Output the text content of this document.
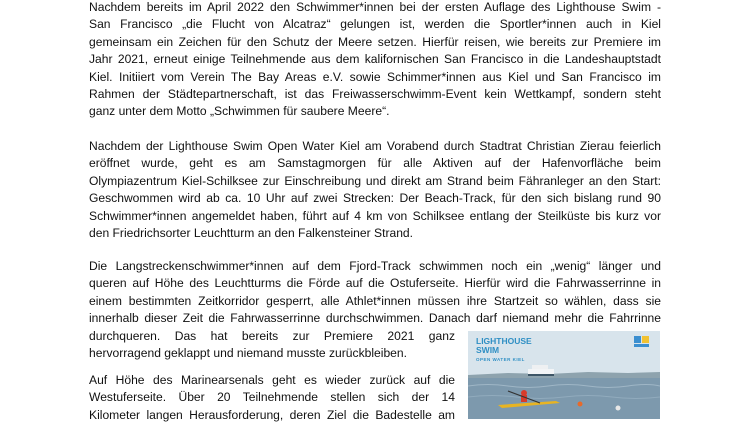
Nachdem bereits im April 2022 den Schwimmer*innen bei der ersten Auflage des Lighthouse Swim -
San Francisco „die Flucht von Alcatraz“ gelungen ist, werden die Sportler*innen auch in Kiel
gemeinsam ein Zeichen für den Schutz der Meere setzen. Hierfür reisen, wie bereits zur Premiere im
Jahr 2021, erneut einige Teilnehmende aus dem kalifornischen San Francisco in die Landeshauptstadt
Kiel. Initiiert vom Verein The Bay Areas e.V. sowie Schimmer*innen aus Kiel und San Francisco im
Rahmen der Städtepartnerschaft, ist das Freiwasserschwimm-Event kein Wettkampf, sondern steht
ganz unter dem Motto „Schwimmen für saubere Meere“.

Nachdem der Lighthouse Swim Open Water Kiel am Vorabend durch Stadtrat Christian Zierau feierlich
eröffnet wurde, geht es am Samstagmorgen für alle Aktiven auf der Hafenvorfläche beim
Olympiazentrum Kiel-Schilksee zur Einschreibung und direkt am Strand beim Fähranleger an den Start:
Geschwommen wird ab ca. 10 Uhr auf zwei Strecken: Der Beach-Track, für den sich bislang rund 90
Schwimmer*innen angemeldet haben, führt auf 4 km von Schilksee entlang der Steilküste bis kurz vor
den Friedrichsorter Leuchtturm an den Falkensteiner Strand.

Die Langstreckenschwimmer*innen auf dem Fjord-Track schwimmen noch ein „wenig“ länger und
queren auf Höhe des Leuchtturms die Förde auf die Ostuferseite. Hierfür wird die Fahrwasserrinne in
einem bestimmten Zeitkorridor gesperrt, alle Athlet*innen müssen ihre Startzeit so wählen, dass sie
innerhalb dieser Zeit die Fahrwasserrinne durchschwimmen. Danach darf niemand mehr die Fahrrinne

durchqueren. Das hat bereits zur Premiere 2021 ganz
hervorragend geklappt und niemand musste zurückbleiben.

Auf Höhe des Marinearsenals geht es wieder zurück auf die
Westuferseite. Über 20 Teilnehmende stellen sich der 14
Kilometer langen Herausforderung, deren Ziel die Badestelle am

LIGHTHOUSE
SWIM
OPEN WATER KIEL
